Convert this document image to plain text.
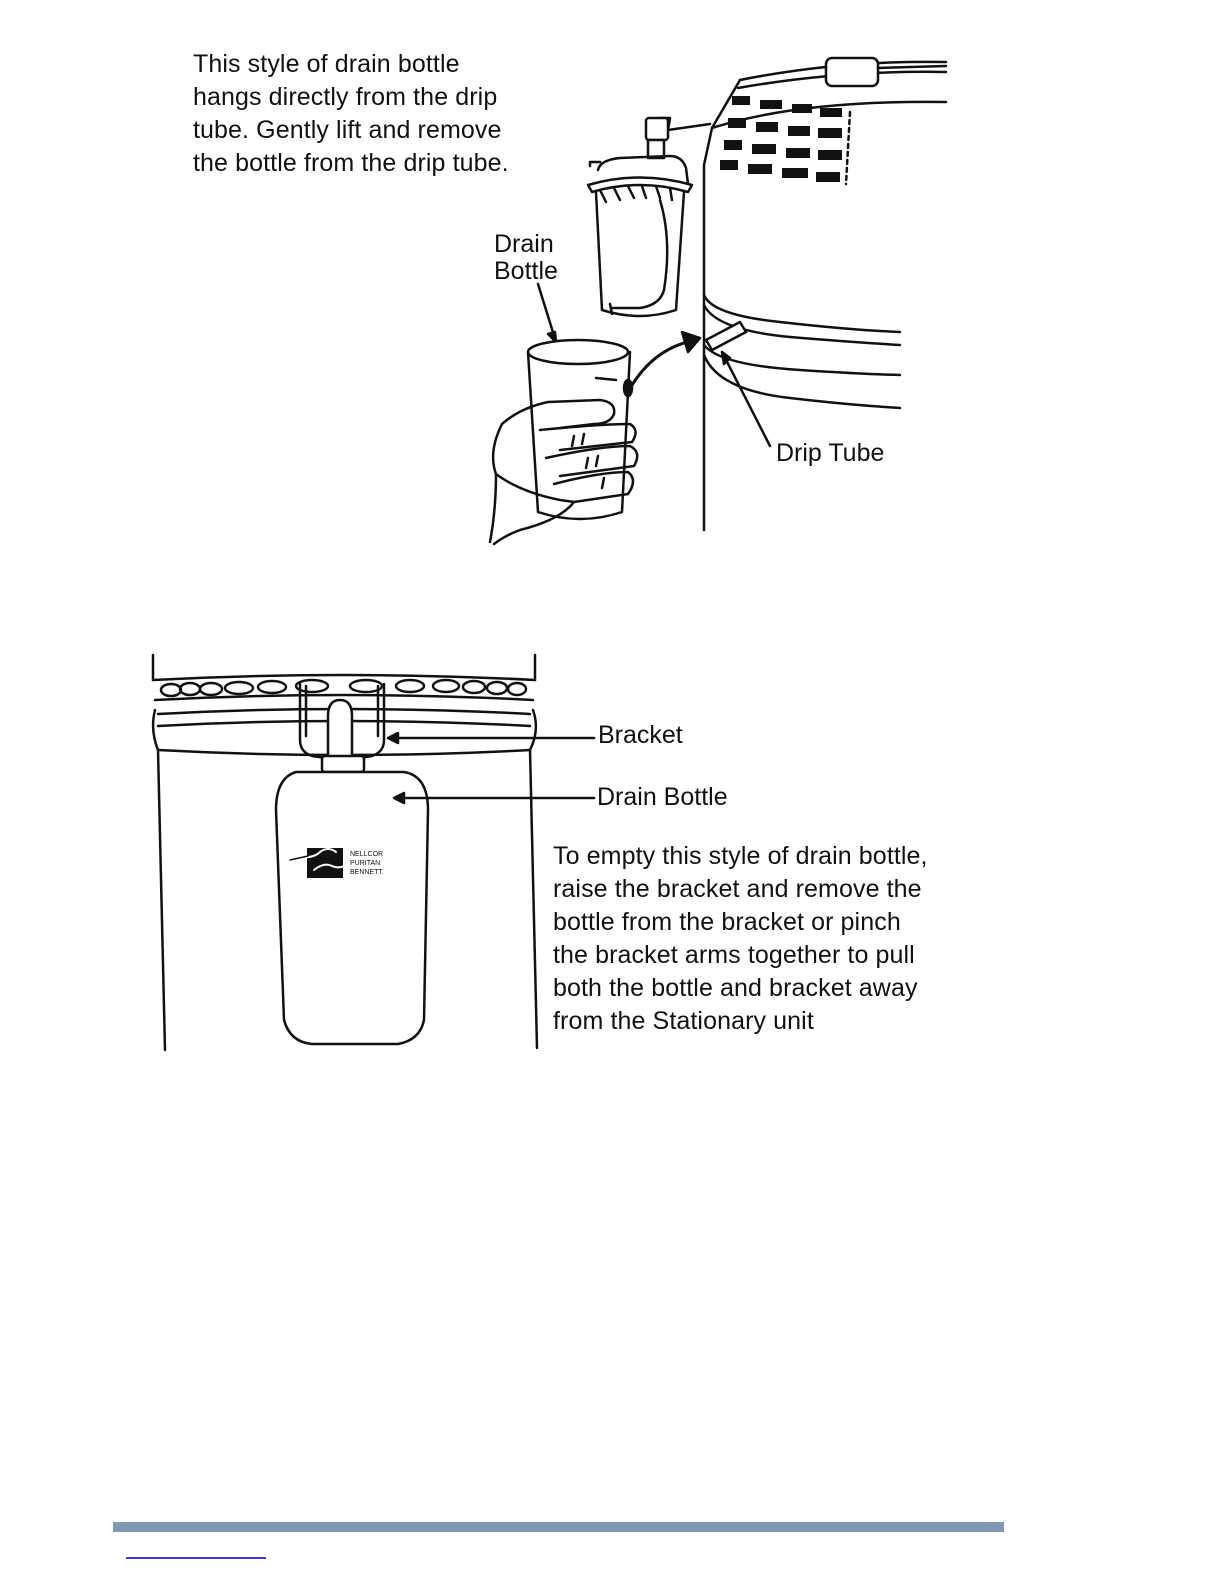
This style of drain bottle
hangs directly from the drip
tube. Gently lift and remove
the bottle from the drip tube.
Drain
Bottle
Drip Tube
NELLCOR
PURITAN
BENNETT.
Bracket
Drain Bottle
To empty this style of drain bottle,
raise the bracket and remove the
bottle from the bracket or pinch
the bracket arms together to pull
both the bottle and bracket away
from the Stationary unit
